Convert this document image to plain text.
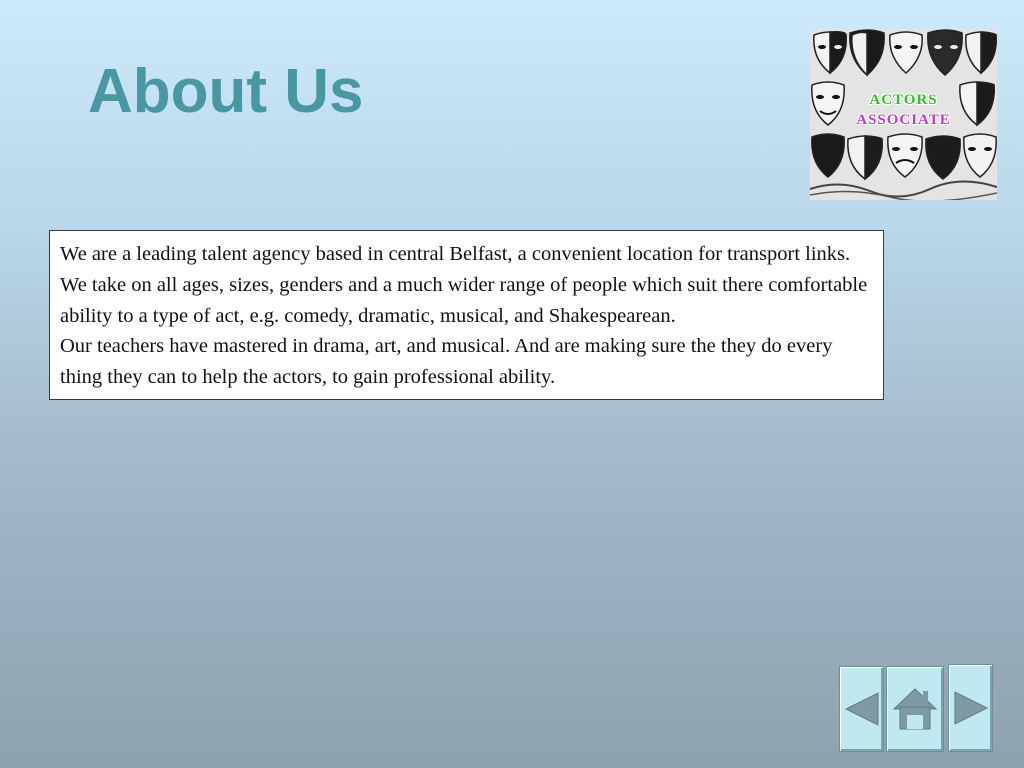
About Us	ACTORS
ASSOCIATE

We are a leading talent agency based in central Belfast, a convenient location for transport links.

We take on all ages, sizes, genders and a much wider range of people which suit there comfortable ability to a type of act, e.g. comedy, dramatic, musical, and Shakespearean.

Our teachers have mastered in drama, art, and musical. And are making sure the they do every thing they can to help the actors, to gain professional ability.
